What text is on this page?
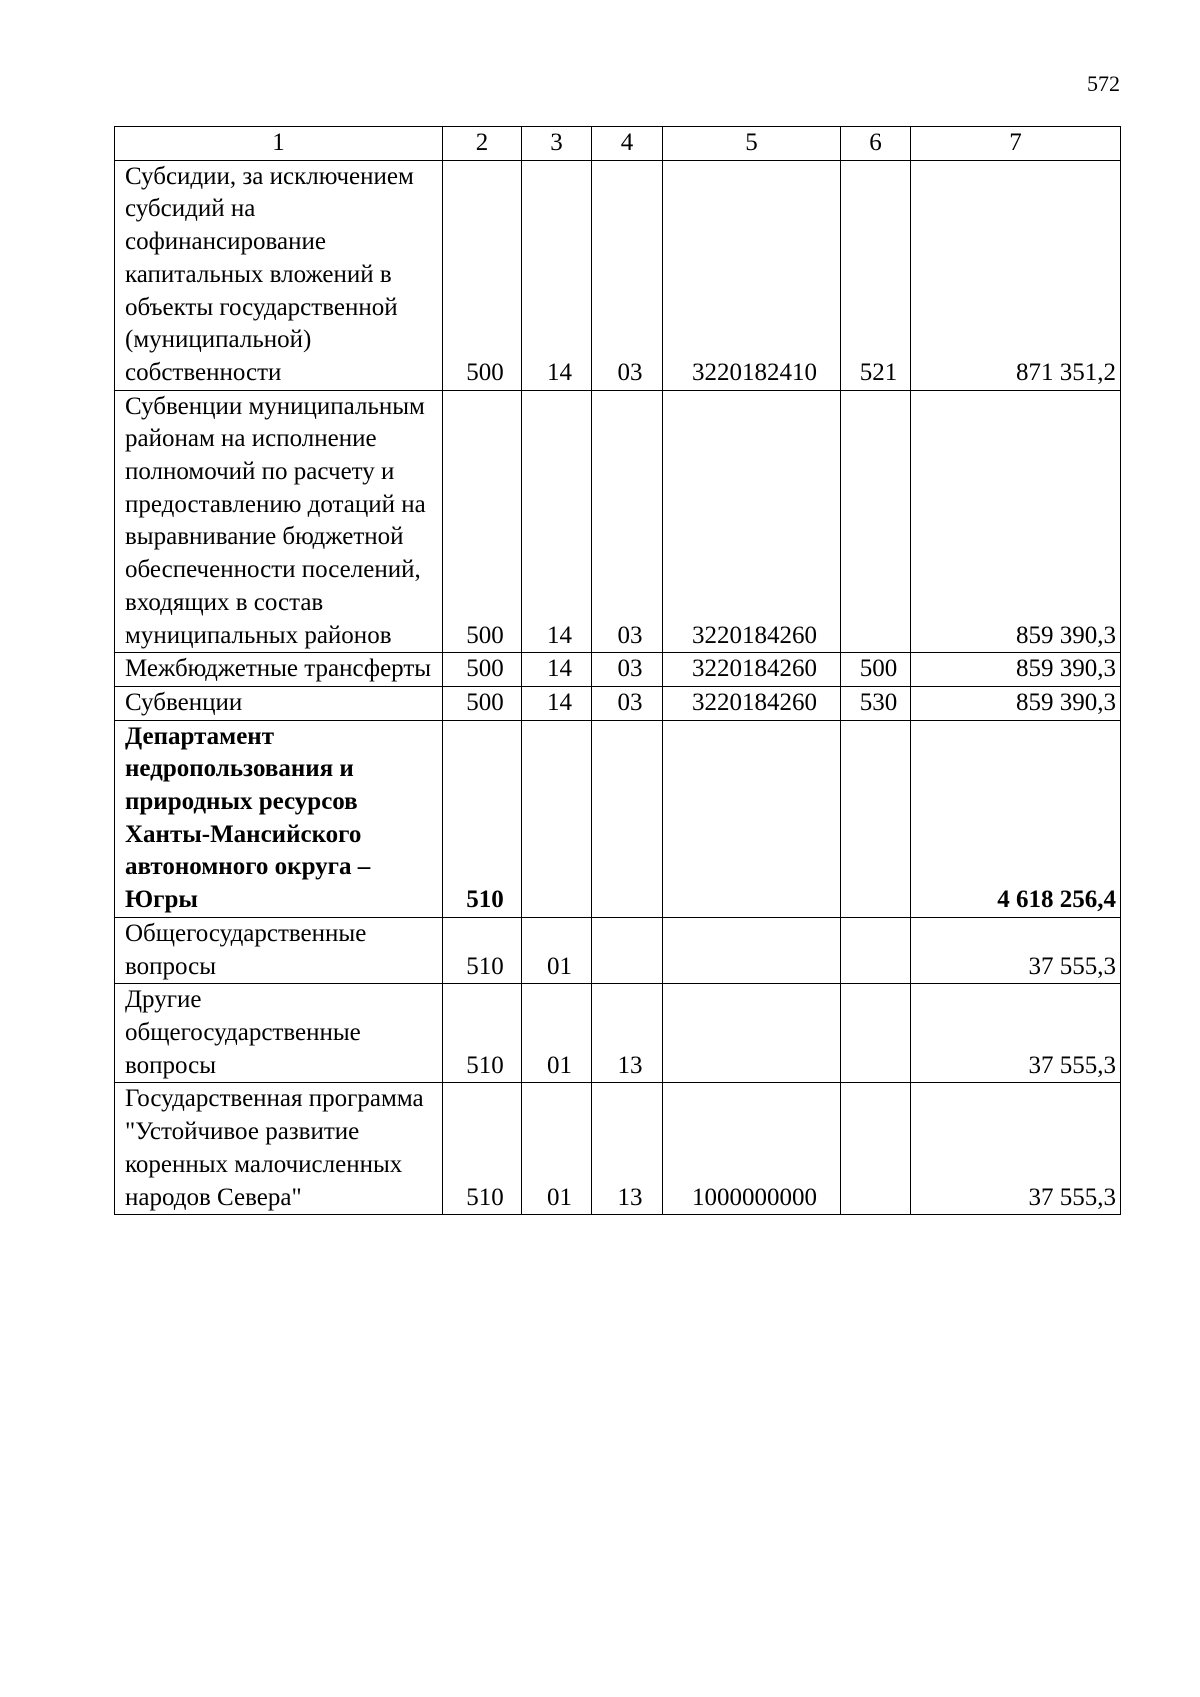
572
1	2	3	4	5	6	7
Субсидии, за исключением субсидий на софинансирование капитальных вложений в объекты государственной (муниципальной) собственности	500	14	03	3220182410	521	871 351,2
Субвенции муниципальным районам на исполнение полномочий по расчету и предоставлению дотаций на выравнивание бюджетной обеспеченности поселений, входящих в состав муниципальных районов	500	14	03	3220184260		859 390,3
Межбюджетные трансферты	500	14	03	3220184260	500	859 390,3
Субвенции	500	14	03	3220184260	530	859 390,3
Департамент недропользования и природных ресурсов Ханты-Мансийского автономного округа – Югры	510					4 618 256,4
Общегосударственные вопросы	510	01				37 555,3
Другие общегосударственные вопросы	510	01	13			37 555,3
Государственная программа "Устойчивое развитие коренных малочисленных народов Севера"	510	01	13	1000000000		37 555,3
